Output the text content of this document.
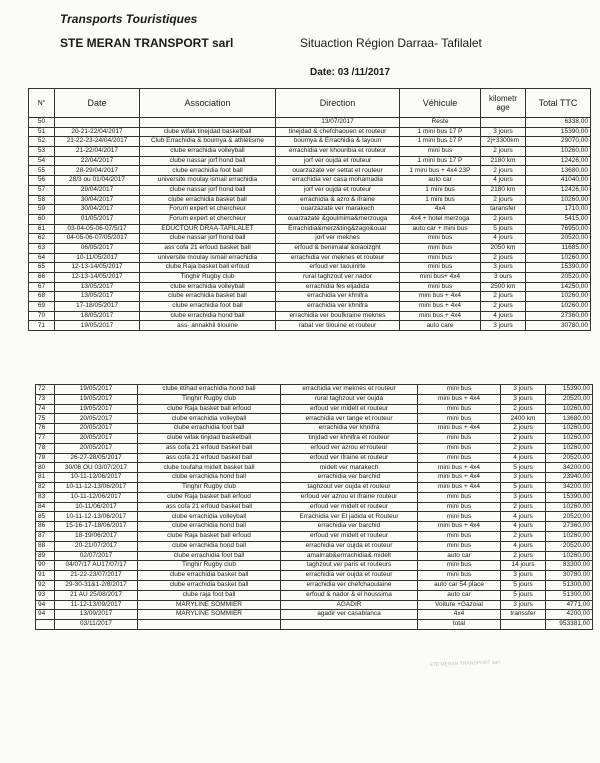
Transports Touristiques
STE MERAN TRANSPORT sarl	Situaction Région Darraa- Tafilalet
Date: 03 /11/2017
N°	Date	Association	Direction	Véhicule	kilometr age	Total TTC
50			13/07/2017	Reste		6338,00
51	20-21-22/04/2017	clube wifak tinejdad basketball	tinejdad & chefchaouen et routeur	1 mini bus 17 P	3 jours	15390,00
52	21-22-23-24/04/2017	Club Errachidia & boumya & athlétisme	boumya & Errachidia & layoun	1 mini bus 17 P	2j+3300km	29070,00
53	21-22/04/2017	clube errachidia volleyball	errachidia ver khouribia et routeur	mini bus	2 jours	10260,00
54	22/04/2017	clube nassar jorf hond ball	jorf ver oujda et routeur	1 mini bus 17 P	2180 km	12426,00
55	28-29/04/2017	clube errachidia foot ball	ouarzazate ver settat et routeur	1 mini bus + 4x4 23P	2 jours	13680,00
56	28/3 ou 01/04/2017	universite moulay ismail errachidia	errachidia ver casa mohamadia	auto car	4 jours	41040,00
57	29/04/2017	clube nassar jorf hond ball	jorf ver oujda et routeur	1 mini bus	2180 km	12426,00
58	30/04/2017	clube errachidia basket ball	errachidia & azro & ifraine	1 mini bus	2 jours	10260,00
59	30/04/2017	Forum expert et chercheur	ouarzazate ver marakech	4x4	taransfer	1710,00
60	01/05/2017	Forum expert et chercheur	ouarzazate &goulmima&merzouga	4x4 + hotel merzoga	2 jours	5415,00
61	03-04-05-06-07/5/17	EDUCTOUR DRAA-TAFILALET	Errachidia&merz&ting&zago&ouar	auto car + mini bus	5 jours	76950,00
62	04-05-06-07/05/2017	clube nassar jorf hond ball	jorf ver meknes	mini bus	4 jours	20520,00
63	06/05/2017	ass cofa 21 erfoud basket ball	erfoud & benimalal &oiaoizght	mini bus	2050 km	11685,00
64	10-11/05/2017	universite moulay ismail errachidia	errachidia ver meknes et routeur	mini bus	2 jours	10260,00
65	12-13-14/05/2017	clube Raja basket ball erfoud	erfoud ver taouirirte	mini bus	3 jours	15390,00
66	12-13-14/05/2017	Tinghir Rugby club	rural taghzout ver nador	mini bus+ 4x4	3 ours	20520,00
67	13/05/2017	clube errachidia volleyball	errachidia fes eljadida	mini bus	2500 km	14250,00
68	13/05/2017	clube errachidia basket ball	errachidia ver khnifra	mini bus + 4x4	2 jours	10260,00
69	17-18/05/2017	clube errachidia foot ball	errachidia ver khnifra	mini bus + 4x4	2 jours	10260,00
70	18/05/2017	clube errachidia hond ball	errachidia ver boufkraine meknes	mini bus + 4x4	4 jours	27360,00
71	19/05/2017	ass- annakhil tilouine	rabat ver tilouine et routeur	auto care	3 jours	30780,00
72	19/05/2017	clube ittihad errachidia hond ball	errachidia ver meknes et routeur	mini bus	3 jours	15390,00
73	19/05/2017	Tinghir Rugby club	rural taghzout ver oujda	mini bus + 4x4	3 jours	20520,00
74	19/05/2017	clube Raja basket ball erfoud	erfoud ver midelt et routeur	mini bus	2 jours	10260,00
75	20/05/2017	clube errachidia volleyball	errachidia ver tange et routeur	mini bus	2400 km	13680,00
76	20/05/2017	clube errachidia foot ball	errachidia ver khnifra	mini bus + 4x4	2 jours	10260,00
77	20/05/2017	clube wifak tinjdad basketball	tinjdad ver khnifra et routeur	mini bus	2 jours	10260,00
78	20/05/2017	ass cofa 21 erfoud basket ball	erfoud ver azrou et routeur	mini bus	2 jours	10260,00
79	26-27-28/05/2017	ass cofa 21 erfoud basket ball	erfoud ver ifraine et routeur	mini bus	4 jours	20520,00
80	30/06 OU 03/07/2017	clube toufaha midelt basket ball	midelt ver marakech	mini bus + 4x4	5 jours	34200,00
81	10-11-12/06/2017	clube errachidia hond ball	errachidia ver barchid	mini bus + 4x4	3 jours	23940,00
82	10-11-12-13/06/2017	Tinghir Rugby club	taghzout ver oujda et routeur	mini bus + 4x4	5 jours	34200,00
83	10-11-12/06/2017	clube Raja basket ball erfoud	erfoud ver azrou et ifraine routeur	mini bus	3 jours	15390,00
84	10-11/06/2017	ass cofa 21 erfoud basket ball	erfoud ver midelt et routeur	mini bus	2 jours	10260,00
85	10-11-12-13/06/2017	clube errachidia volleyball	Errachidia ver El jadida et Routeur	mini bus	4 jours	20520,00
86	15-16-17-18/06/2017	clube errachidia hond ball	errachidia ver barchid	mini bus + 4x4	4 jours	27360,00
87	18-19/06/2017	clube Raja basket ball erfoud	erfoud ver midelt et routeur	mini bus	2 jours	10260,00
88	20-21/07/2017	clube errachidia hond ball	errachidia ver oujda et routeur	mini bus	4 jours	20520,00
89	02/07/2017	clube errachidia foot ball	amalrrab&errrachidia& midelt	auto car	2 jours	10260,00
90	04/07/17 AU17/07/17	Tinghir Rugby club	taghzout ver paris et routeurs	mini bus	14 jours	83300,00
91	21-22-23/07/2017	clube errachidia basket ball	errachidia ver oujda et routeur	mini bus	3 jours	30780,00
92	29-30-31&1-2/8/2017	clube errachidia basket ball	errachidia ver chefchaoulaine	auto car 54 place	5 jours	51300,00
93	21 AU 25/08/2017	clube raja foot ball	erfoud & nador & el houssima	auto car	5 jours	51300,00
94	11-12-13/09/2017	MARYLINE SOMMIER	AGADIR	Voiture +Gazoial	3 jours	4771,00
94	13/09/2017	MARYLINE SOMMIER	agadir ver casablanca	4x4	transsfer	4200,00
	03/11/2017			total		953381,00
STE MERAN TRANSPORT sarl
